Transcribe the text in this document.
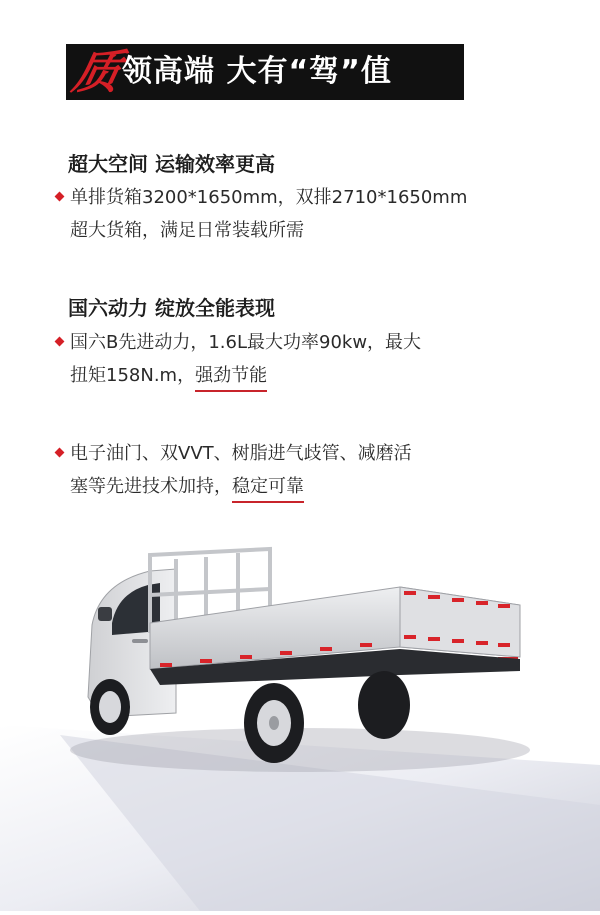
质
领高端 大有“驾”值
超大空间 运输效率更高
单排货箱3200*1650mm，双排2710*1650mm
超大货箱，满足日常装载所需
国六动力 绽放全能表现
国六B先进动力，1.6L最大功率90kw，最大
扭矩158N.m，强劲节能
电子油门、双VVT、树脂进气歧管、减磨活
塞等先进技术加持，稳定可靠
